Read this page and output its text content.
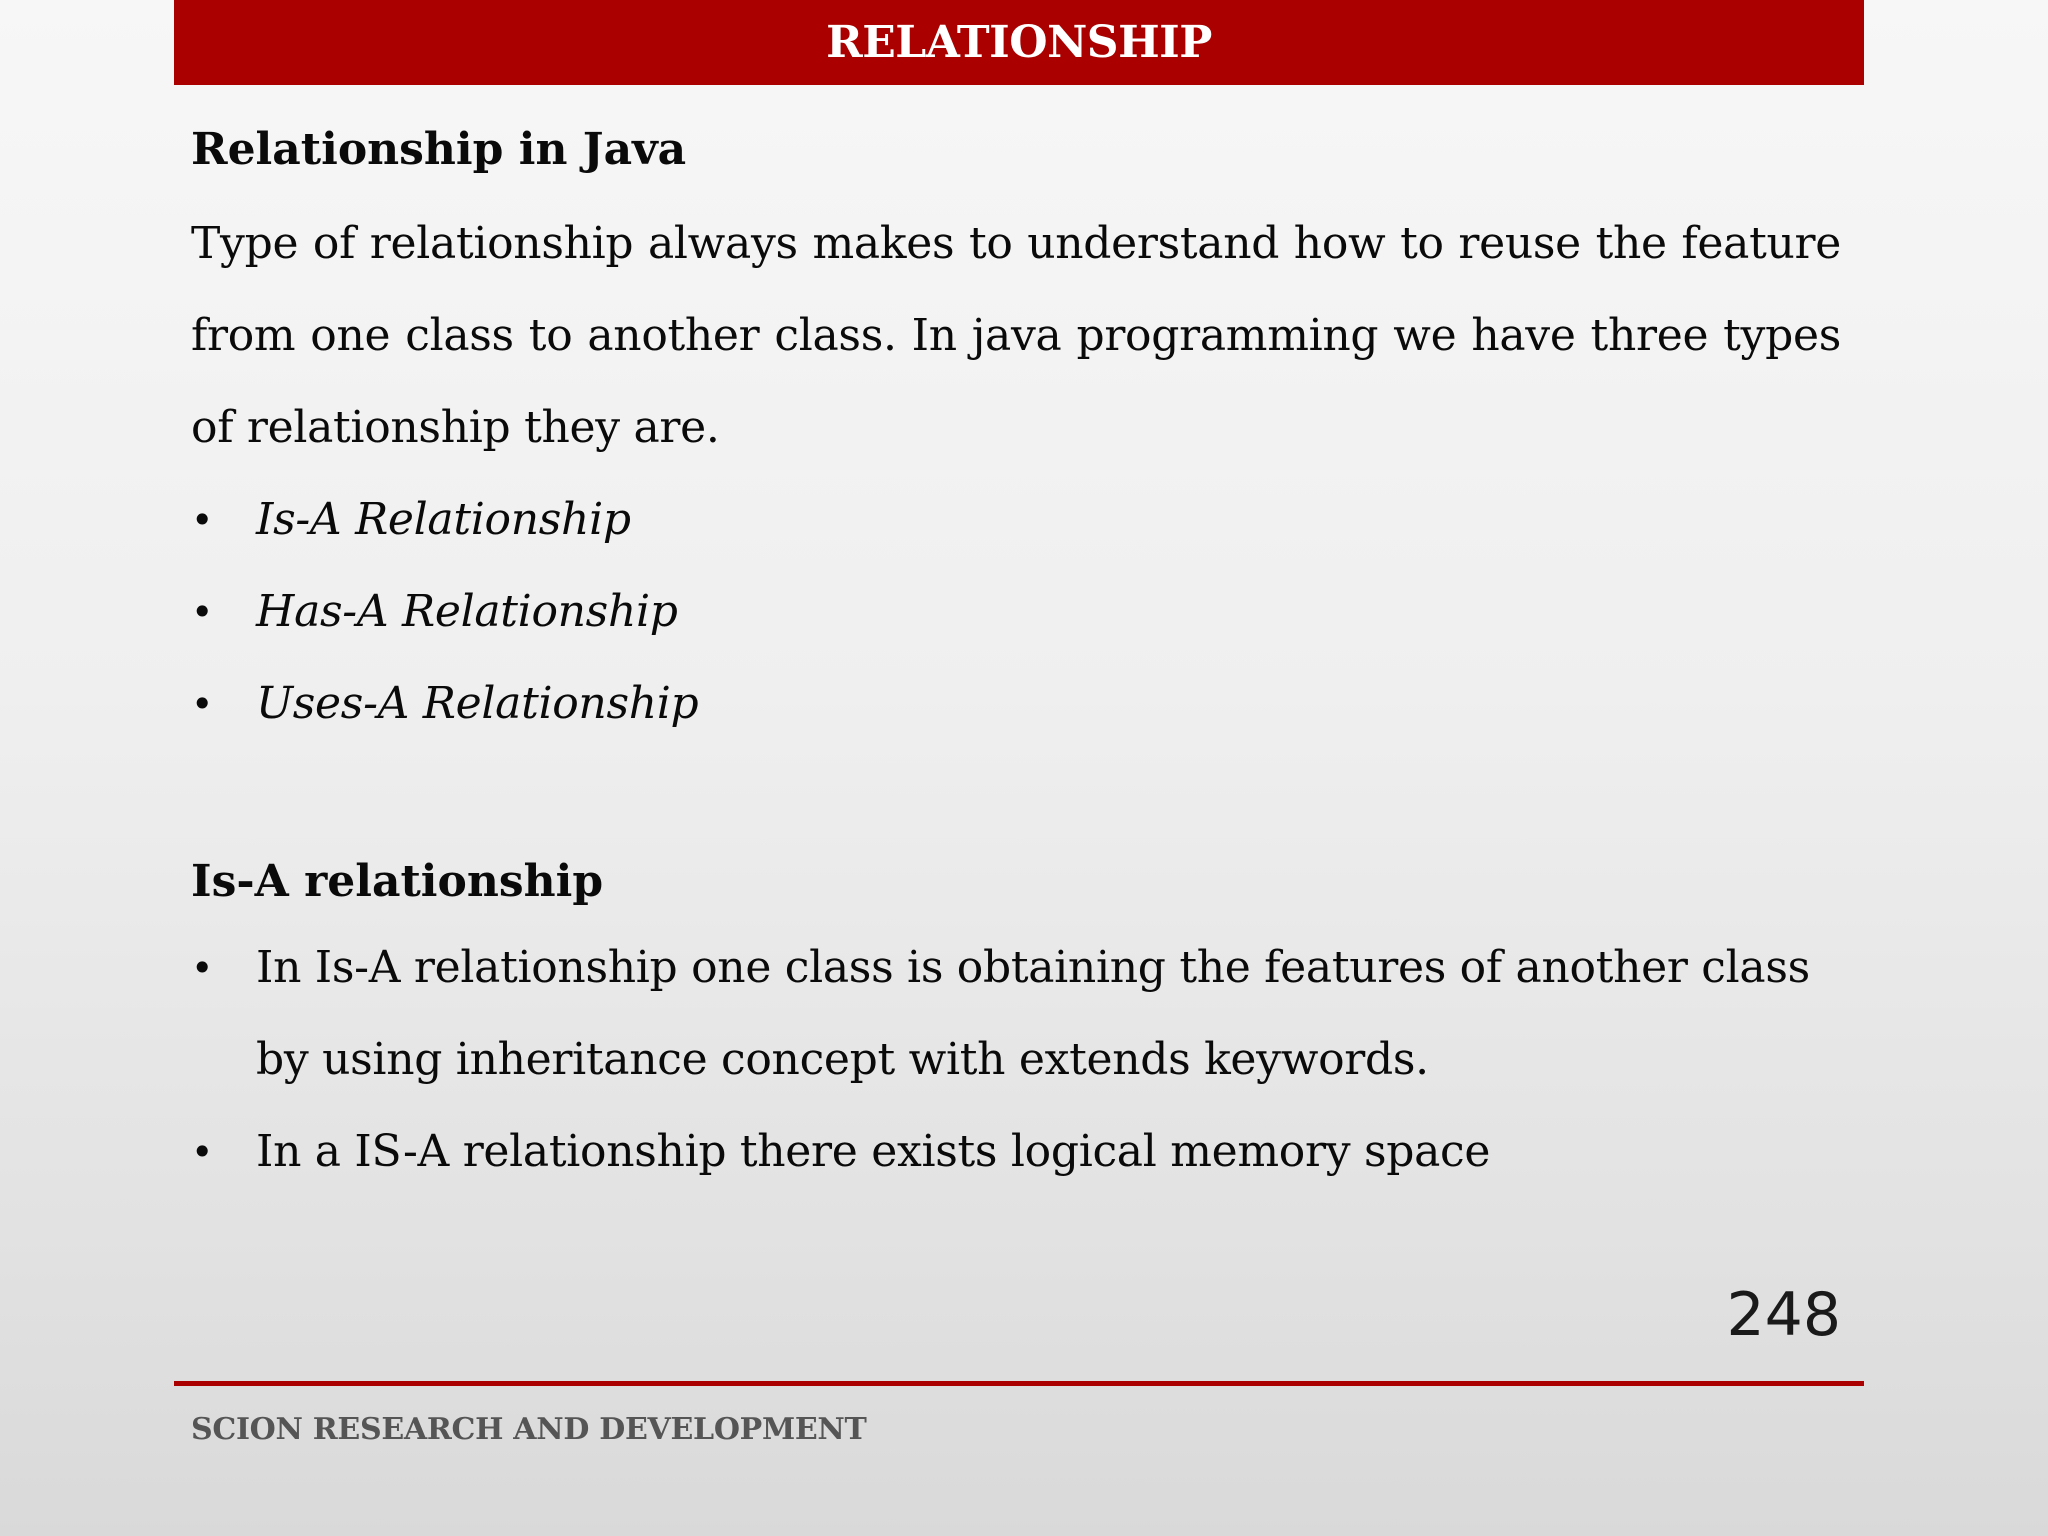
RELATIONSHIP
Relationship in Java
Type of relationship always makes to understand how to reuse the feature from one class to another class. In java programming we have three types of relationship they are.
• Is-A Relationship
• Has-A Relationship
• Uses-A Relationship
Is-A relationship
• In Is-A relationship one class is obtaining the features of another class by using inheritance concept with extends keywords.
• In a IS-A relationship there exists logical memory space
248
SCION RESEARCH AND DEVELOPMENT
